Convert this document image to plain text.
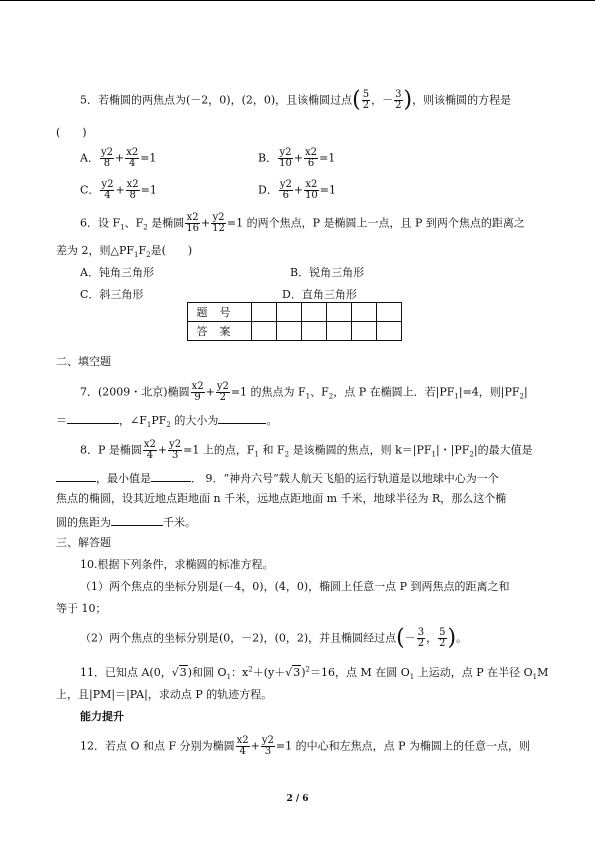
5．若椭圆的两焦点为(－2，0)，(2，0)，且该椭圆过点( $\frac{5}{2}$ ，－ $\frac{3}{2}$ )，则该椭圆的方程是
(　　)
A． $\frac{y2}{8} + \frac{x2}{4} =1$	B． $\frac{y2}{10} + \frac{x2}{6} =1$
C． $\frac{y2}{4} + \frac{x2}{8} =1$	D． $\frac{y2}{6} + \frac{x2}{10} =1$
6．设 $F_1$、$F_2$ 是椭圆 $\frac{x2}{16} + \frac{y2}{12} =1$ 的两个焦点，P 是椭圆上一点，且 P 到两个焦点的距离之
差为 2，则$\triangle PF_1F_2$是(　　)
A．钝角三角形	B．锐角三角形
C．斜三角形	D．直角三角形
题号						
答案						
二、填空题
7．(2009・北京)椭圆 $\frac{x2}{9} + \frac{y2}{2} =1$ 的焦点为 $F_1$、$F_2$，点 P 在椭圆上．若$|PF_1|=4$，则$|PF_2|$
＝	，$\angle F_1PF_2$ 的大小为	。
8．P 是椭圆 $\frac{x2}{4} + \frac{y2}{3} =1$ 上的点，$F_1$ 和 $F_2$ 是该椭圆的焦点，则 $k=|PF_1|$・$|PF_2|$的最大值是
，最小值是	． 9．“神舟六号”载人航天飞船的运行轨道是以地球中心为一个
焦点的椭圆，设其近地点距地面 n 千米，远地点距地面 m 千米，地球半径为 R，那么这个椭
圆的焦距为	千米。
三、解答题
10.根据下列条件，求椭圆的标准方程。
（1）两个焦点的坐标分别是(－4，0)，(4，0)，椭圆上任意一点 P 到两焦点的距离之和
等于 10；
（2）两个焦点的坐标分别是(0，－2)，(0，2)，并且椭圆经过点(－ $\frac{3}{2}$ ， $\frac{5}{2}$ )。
11．已知点 A(0，√3)和圆 $O_1$：$x^2+(y+√3)^2=16$，点 M 在圆 $O_1$ 上运动，点 P 在半径 $O_1M$
上，且|PM|＝|PA|，求动点 P 的轨迹方程。
能力提升
12．若点 O 和点 F 分别为椭圆 $\frac{x2}{4} + \frac{y2}{3} =1$ 的中心和左焦点，点 P 为椭圆上的任意一点，则
2 / 6
